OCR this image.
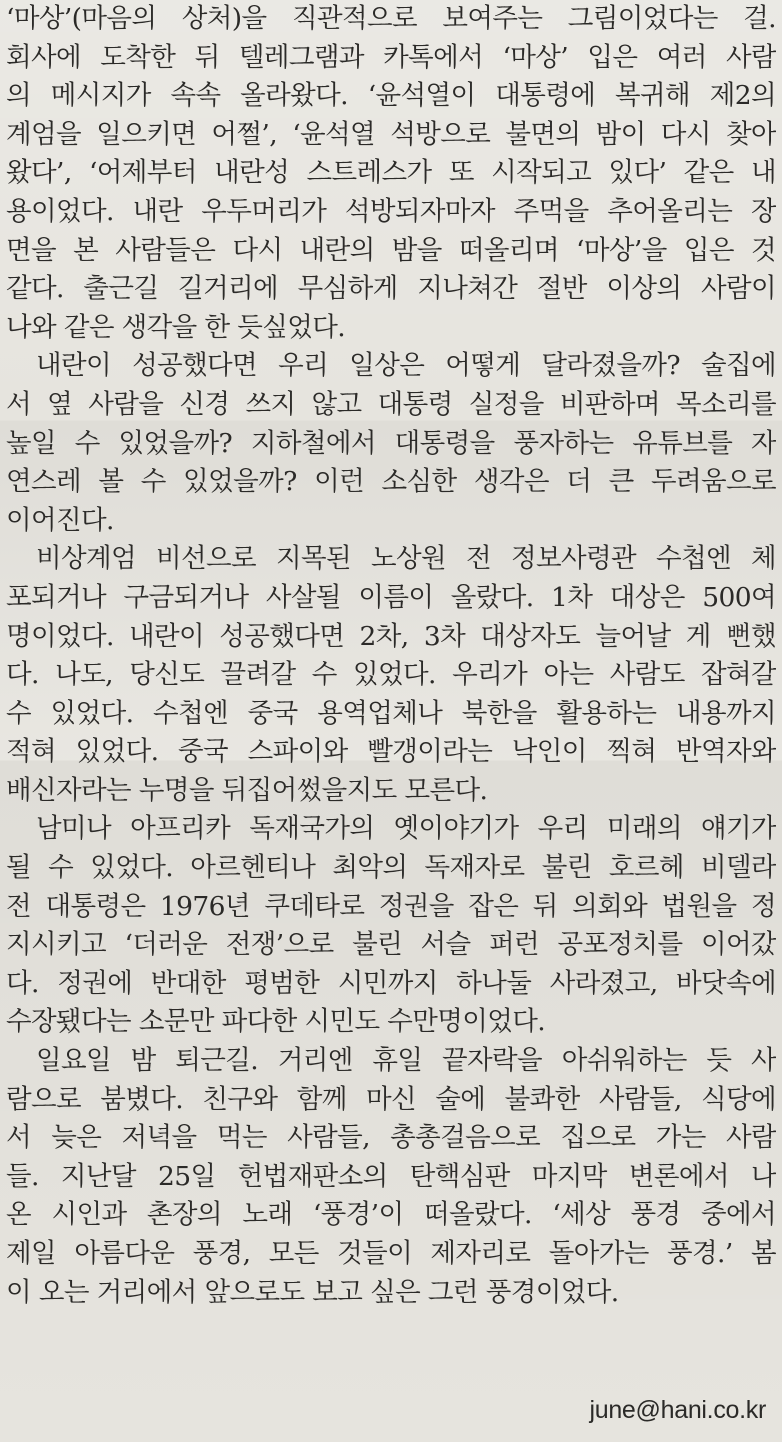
‘마상’(마음의 상처)을 직관적으로 보여주는 그림이었다는 걸.
회사에 도착한 뒤 텔레그램과 카톡에서 ‘마상’ 입은 여러 사람
의 메시지가 속속 올라왔다. ‘윤석열이 대통령에 복귀해 제2의
계엄을 일으키면 어쩔’, ‘윤석열 석방으로 불면의 밤이 다시 찾아
왔다’, ‘어제부터 내란성 스트레스가 또 시작되고 있다’ 같은 내
용이었다. 내란 우두머리가 석방되자마자 주먹을 추어올리는 장
면을 본 사람들은 다시 내란의 밤을 떠올리며 ‘마상’을 입은 것
같다. 출근길 길거리에 무심하게 지나쳐간 절반 이상의 사람이
나와 같은 생각을 한 듯싶었다.
내란이 성공했다면 우리 일상은 어떻게 달라졌을까? 술집에
서 옆 사람을 신경 쓰지 않고 대통령 실정을 비판하며 목소리를
높일 수 있었을까? 지하철에서 대통령을 풍자하는 유튜브를 자
연스레 볼 수 있었을까? 이런 소심한 생각은 더 큰 두려움으로
이어진다.
비상계엄 비선으로 지목된 노상원 전 정보사령관 수첩엔 체
포되거나 구금되거나 사살될 이름이 올랐다. 1차 대상은 500여
명이었다. 내란이 성공했다면 2차, 3차 대상자도 늘어날 게 뻔했
다. 나도, 당신도 끌려갈 수 있었다. 우리가 아는 사람도 잡혀갈
수 있었다. 수첩엔 중국 용역업체나 북한을 활용하는 내용까지
적혀 있었다. 중국 스파이와 빨갱이라는 낙인이 찍혀 반역자와
배신자라는 누명을 뒤집어썼을지도 모른다.
남미나 아프리카 독재국가의 옛이야기가 우리 미래의 얘기가
될 수 있었다. 아르헨티나 최악의 독재자로 불린 호르헤 비델라
전 대통령은 1976년 쿠데타로 정권을 잡은 뒤 의회와 법원을 정
지시키고 ‘더러운 전쟁’으로 불린 서슬 퍼런 공포정치를 이어갔
다. 정권에 반대한 평범한 시민까지 하나둘 사라졌고, 바닷속에
수장됐다는 소문만 파다한 시민도 수만명이었다.
일요일 밤 퇴근길. 거리엔 휴일 끝자락을 아쉬워하는 듯 사
람으로 붐볐다. 친구와 함께 마신 술에 불콰한 사람들, 식당에
서 늦은 저녁을 먹는 사람들, 총총걸음으로 집으로 가는 사람
들. 지난달 25일 헌법재판소의 탄핵심판 마지막 변론에서 나
온 시인과 촌장의 노래 ‘풍경’이 떠올랐다. ‘세상 풍경 중에서
제일 아름다운 풍경, 모든 것들이 제자리로 돌아가는 풍경.’ 봄
이 오는 거리에서 앞으로도 보고 싶은 그런 풍경이었다.
june@hani.co.kr
